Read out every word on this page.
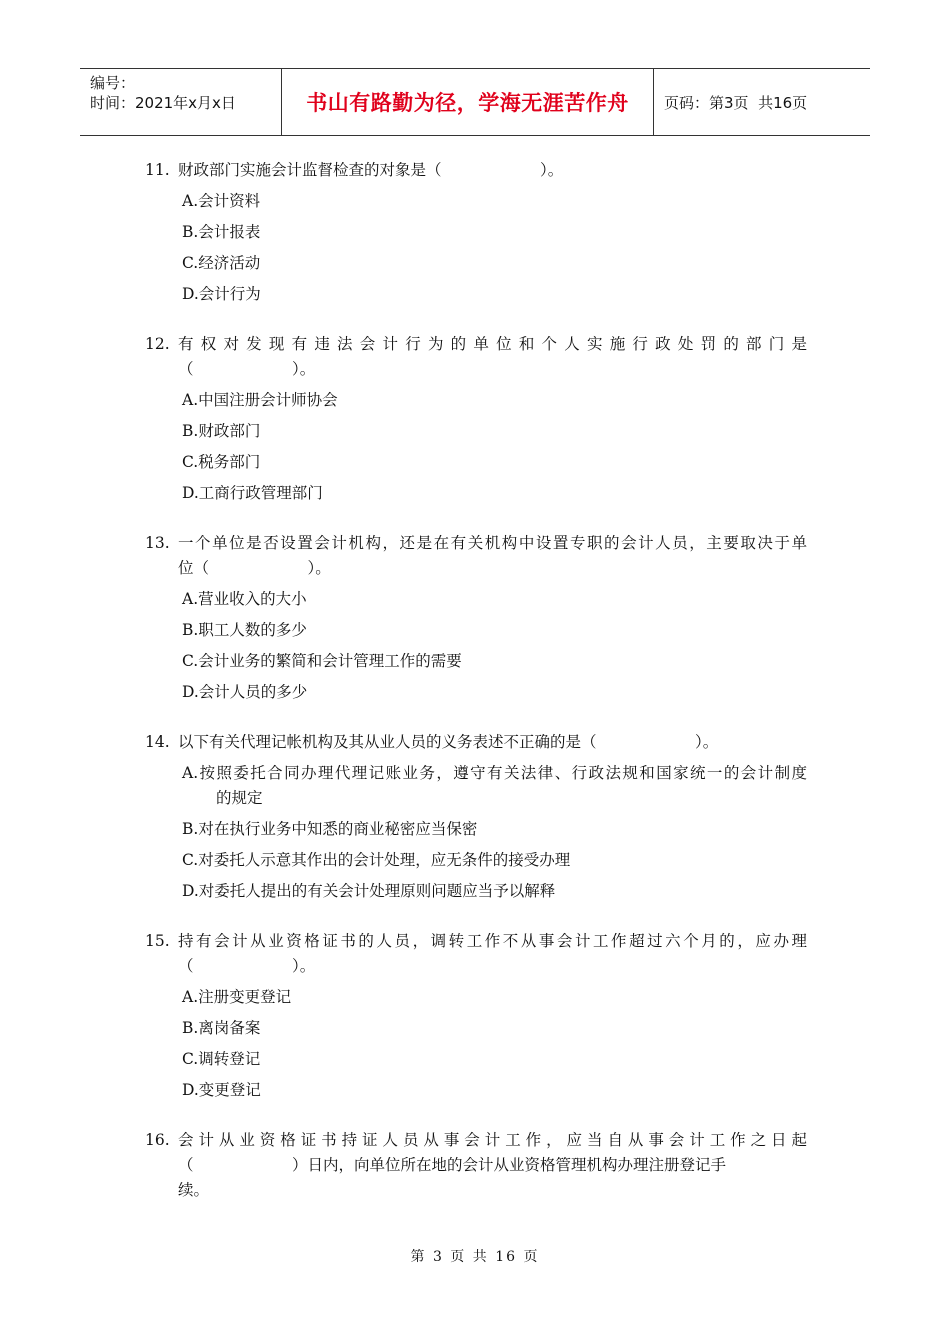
编号：
时间：2021年x月x日	书山有路勤为径，学海无涯苦作舟	页码：第3页  共16页
11. 财政部门实施会计监督检查的对象是（                    ）。
A.会计资料
B.会计报表
C.经济活动
D.会计行为
12. 有权对发现有违法会计行为的单位和个人实施行政处罚的部门是
（                    ）。
A.中国注册会计师协会
B.财政部门
C.税务部门
D.工商行政管理部门
13. 一个单位是否设置会计机构，还是在有关机构中设置专职的会计人员，主要取决于单
位（                    ）。
A.营业收入的大小
B.职工人数的多少
C.会计业务的繁简和会计管理工作的需要
D.会计人员的多少
14. 以下有关代理记帐机构及其从业人员的义务表述不正确的是（                    ）。
A.按照委托合同办理代理记账业务，遵守有关法律、行政法规和国家统一的会计制度
的规定
B.对在执行业务中知悉的商业秘密应当保密
C.对委托人示意其作出的会计处理，应无条件的接受办理
D.对委托人提出的有关会计处理原则问题应当予以解释
15. 持有会计从业资格证书的人员，调转工作不从事会计工作超过六个月的，应办理
（                    ）。
A.注册变更登记
B.离岗备案
C.调转登记
D.变更登记
16. 会计从业资格证书持证人员从事会计工作，应当自从事会计工作之日起
（                    ）日内，向单位所在地的会计从业资格管理机构办理注册登记手
续。
第 3 页 共 16 页
